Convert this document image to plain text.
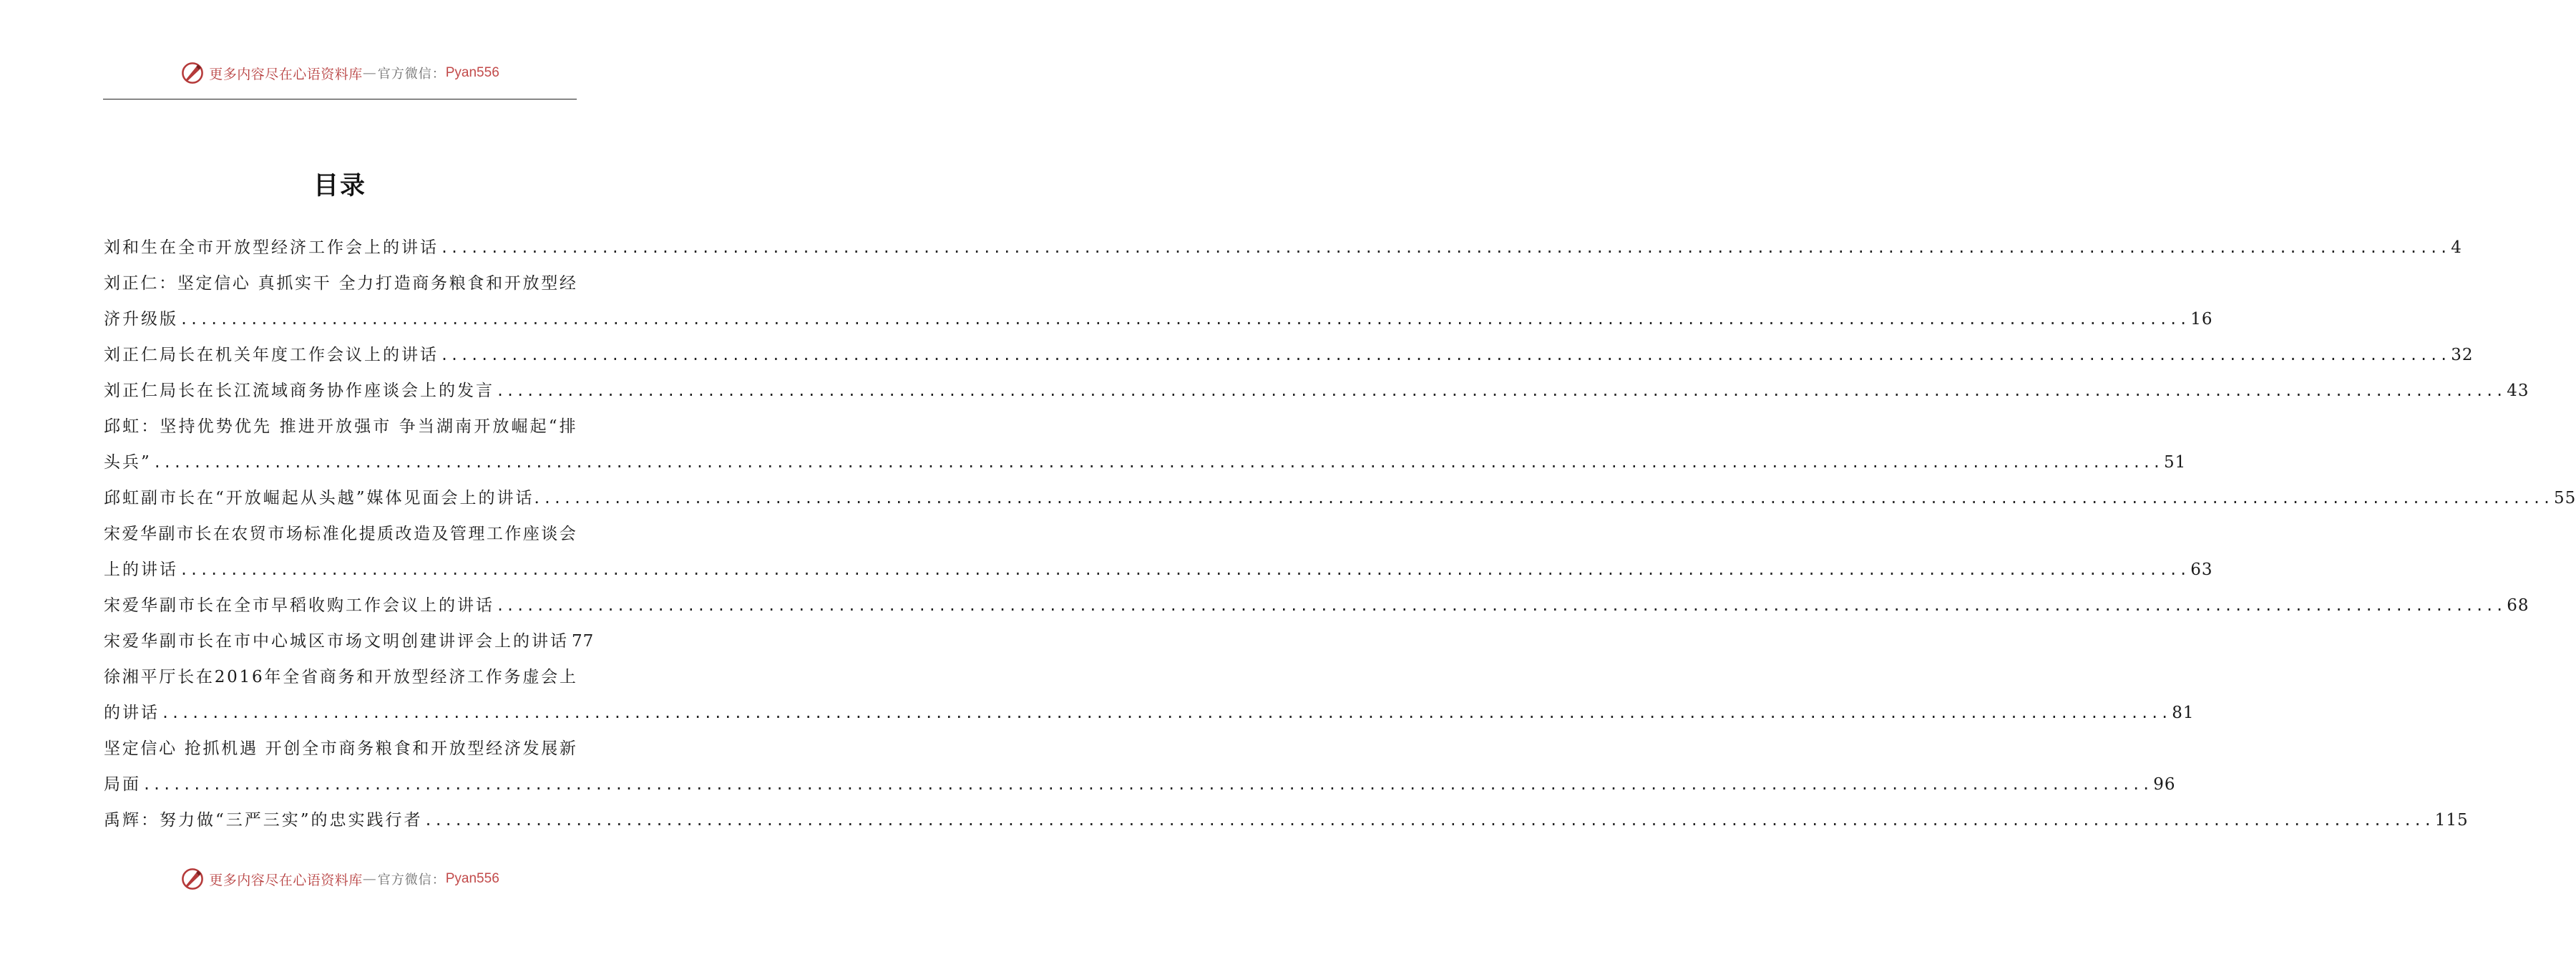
更多内容尽在心语资料库 — 官方微信： Pyan556
目录
刘和生在全市开放型经济工作会上的讲话 ........................................................................................................................................................................................................ 4
刘 正 仁 ： 坚 定 信 心
真 抓 实 干
全 力 打 造 商 务 粮 食 和 开 放 型 经
济升级版 ........................................................................................................................................................................................................ 16
刘正仁局长在机关年度工作会议上的讲话 ........................................................................................................................................................................................................ 32
刘正仁局长在长江流域商务协作座谈会上的发言 ........................................................................................................................................................................................................ 43
邱 虹 ： 坚 持 优 势 优 先
推 进 开 放 强 市
争 当 湖 南 开 放 崛 起 “ 排
头兵” ........................................................................................................................................................................................................ 51
邱虹副市长在“开放崛起从头越”媒体见面会上的讲话. ........................................................................................................................................................................................................ 55
宋 爱 华 副 市 长 在 农 贸 市 场 标 准 化 提 质 改 造 及 管 理 工 作 座 谈 会
上的讲话 ........................................................................................................................................................................................................ 63
宋爱华副市长在全市早稻收购工作会议上的讲话 ........................................................................................................................................................................................................ 68
宋爱华副市长在市中心城区市场文明创建讲评会上的讲话 77
徐 湘 平 厅 长 在 2 0 1 6 年 全 省 商 务 和 开 放 型 经 济 工 作 务 虚 会 上
的讲话 ........................................................................................................................................................................................................ 81
坚 定 信 心
抢 抓 机 遇
开 创 全 市 商 务 粮 食 和 开 放 型 经 济 发 展 新
局面 ........................................................................................................................................................................................................ 96
禹辉：努力做“三严三实”的忠实践行者 ........................................................................................................................................................................................................ 115
更多内容尽在心语资料库 — 官方微信： Pyan556
